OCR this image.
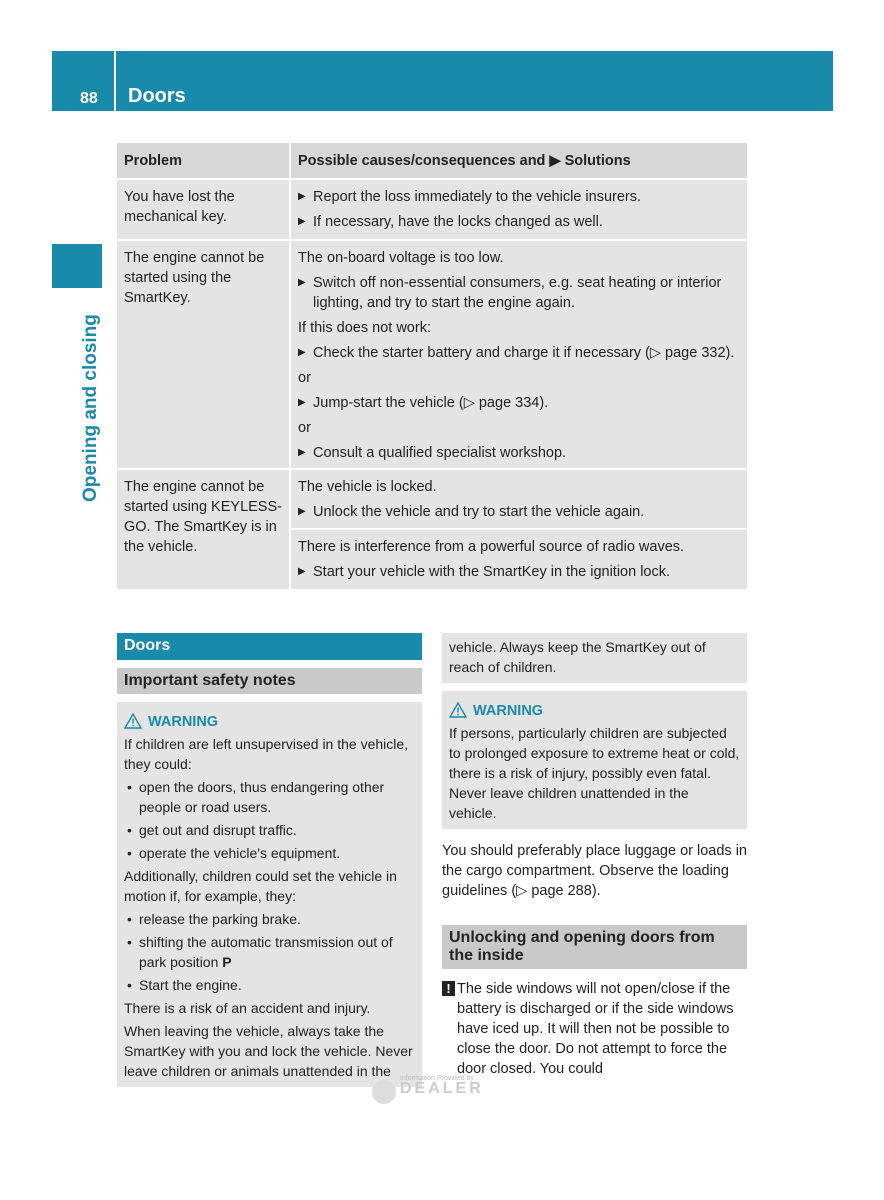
88 Doors
Opening and closing
Problem	Possible causes/consequences and ▶ Solutions
You have lost the mechanical key.

▶ Report the loss immediately to the vehicle insurers.

▶ If necessary, have the locks changed as well.

The engine cannot be started using the SmartKey.

The on-board voltage is too low.

▶ Switch off non-essential consumers, e.g. seat heating or interior lighting, and try to start the engine again.

If this does not work:

▶ Check the starter battery and charge it if necessary (▷ page 332).

or

▶ Jump-start the vehicle (▷ page 334).

or

▶ Consult a qualified specialist workshop.

The engine cannot be started using KEYLESS-GO. The SmartKey is in the vehicle.

The vehicle is locked.

▶ Unlock the vehicle and try to start the vehicle again.

There is interference from a powerful source of radio waves.

▶ Start your vehicle with the SmartKey in the ignition lock.

Doors
Important safety notes
WARNING
If children are left unsupervised in the vehicle, they could:
• open the doors, thus endangering other people or road users.
• get out and disrupt traffic.
• operate the vehicle's equipment.
Additionally, children could set the vehicle in motion if, for example, they:
• release the parking brake.
• shifting the automatic transmission out of park position P
• Start the engine.
There is a risk of an accident and injury.
When leaving the vehicle, always take the SmartKey with you and lock the vehicle. Never leave children or animals unattended in the
vehicle. Always keep the SmartKey out of reach of children.
WARNING
If persons, particularly children are subjected to prolonged exposure to extreme heat or cold, there is a risk of injury, possibly even fatal. Never leave children unattended in the vehicle.
You should preferably place luggage or loads in the cargo compartment. Observe the loading guidelines (▷ page 288).
Unlocking and opening doors from the inside
! The side windows will not open/close if the battery is discharged or if the side windows have iced up. It will then not be possible to close the door. Do not attempt to force the door closed. You could
Information Provided by:
DEALER
